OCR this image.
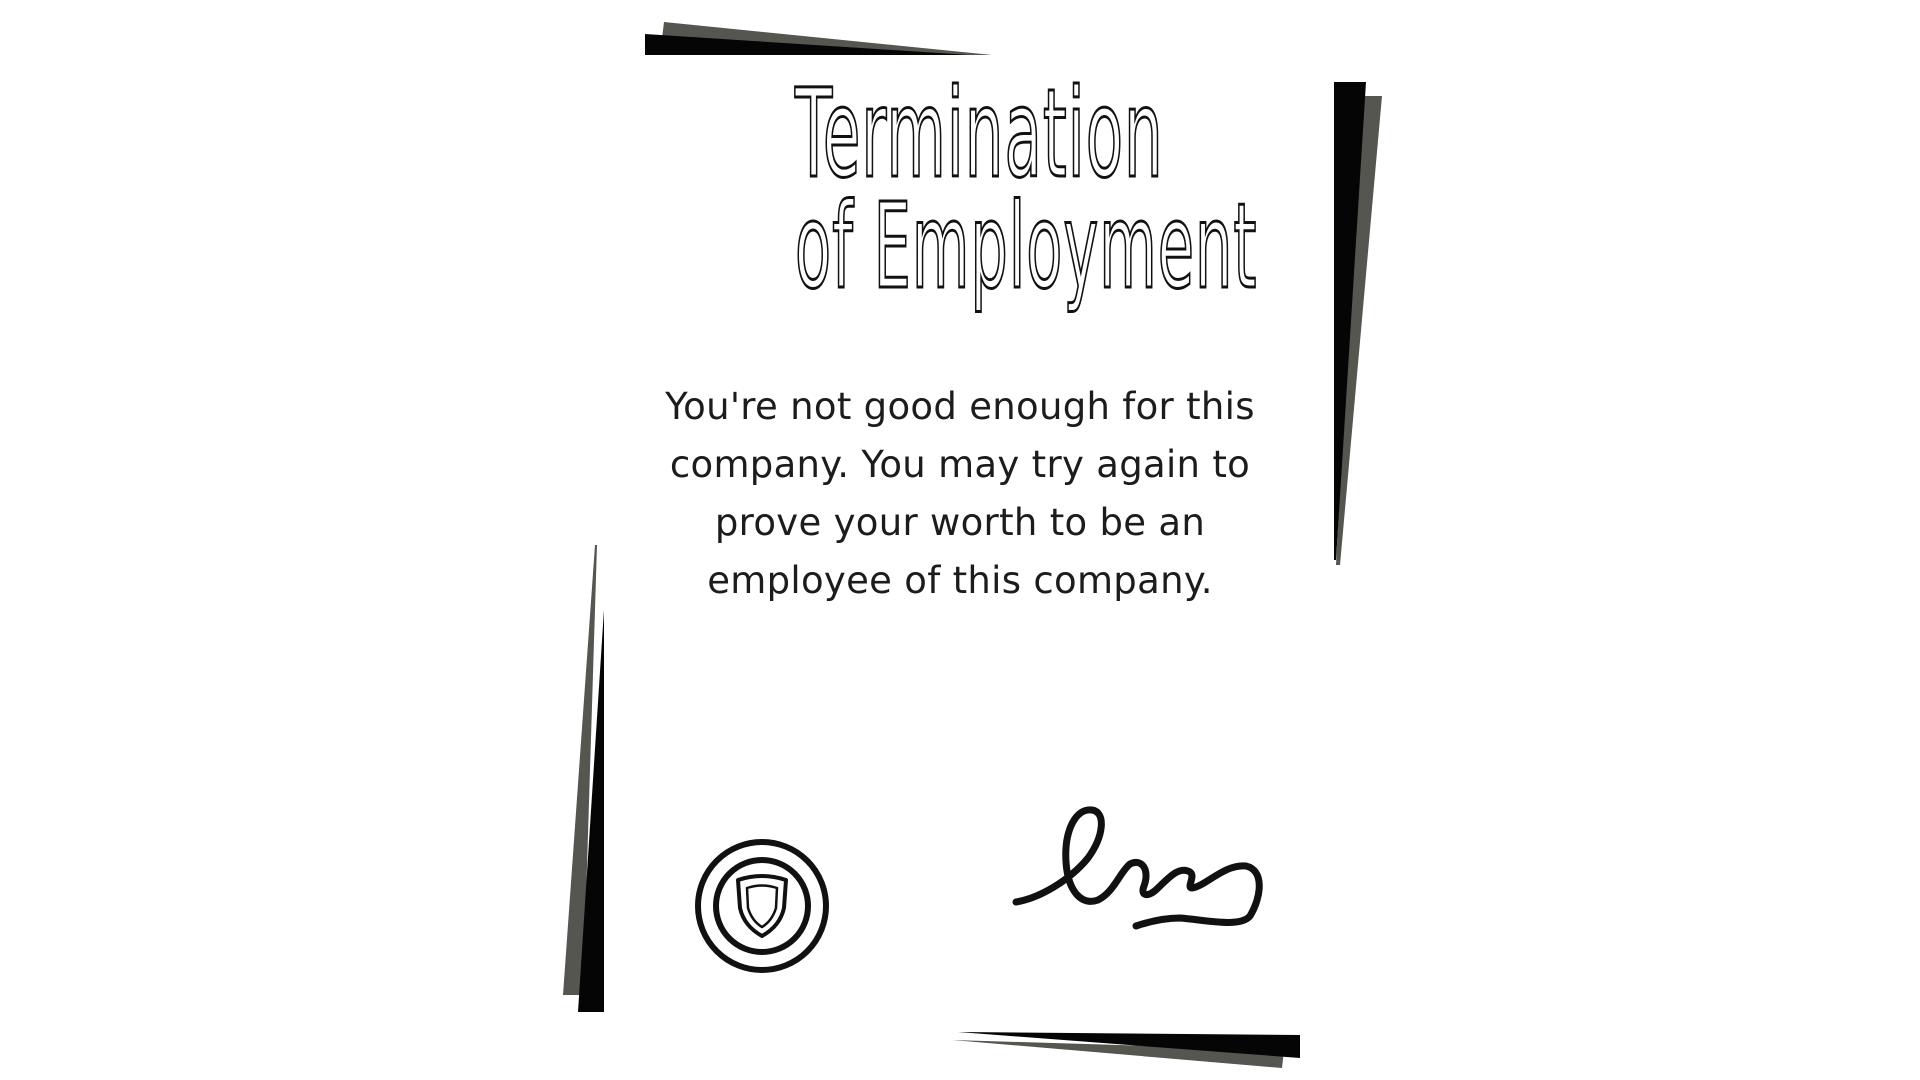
Termination
of Employment

You're not good enough for this company. You may try again to prove your worth to be an employee of this company.
